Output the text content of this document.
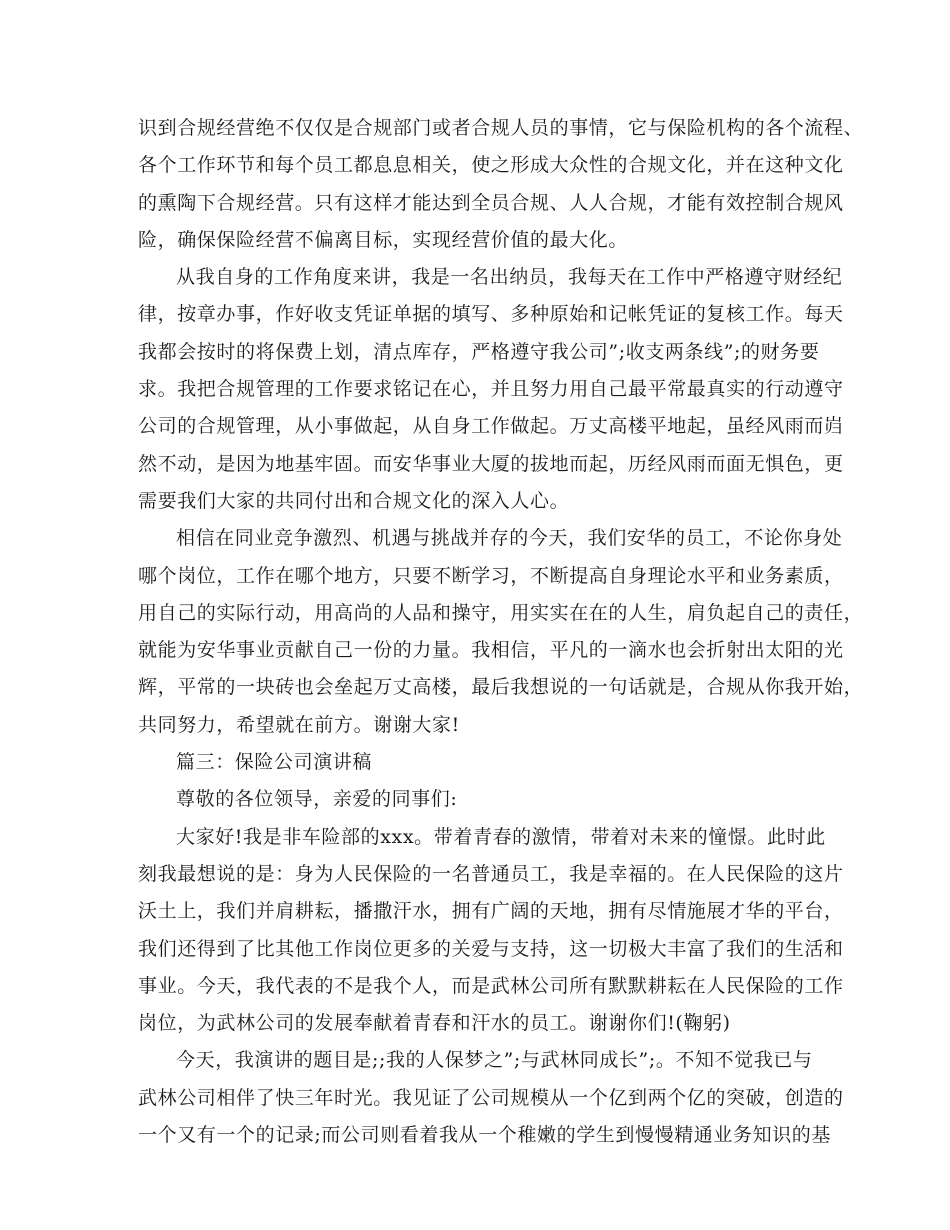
识到合规经营绝不仅仅是合规部门或者合规人员的事情，它与保险机构的各个流程、
各个工作环节和每个员工都息息相关，使之形成大众性的合规文化，并在这种文化
的熏陶下合规经营。只有这样才能达到全员合规、人人合规，才能有效控制合规风
险，确保保险经营不偏离目标，实现经营价值的最大化。
从我自身的工作角度来讲，我是一名出纳员，我每天在工作中严格遵守财经纪
律，按章办事，作好收支凭证单据的填写、多种原始和记帐凭证的复核工作。每天
我都会按时的将保费上划，清点库存，严格遵守我公司”;收支两条线”;的财务要
求。我把合规管理的工作要求铭记在心，并且努力用自己最平常最真实的行动遵守
公司的合规管理，从小事做起，从自身工作做起。万丈高楼平地起，虽经风雨而岿
然不动，是因为地基牢固。而安华事业大厦的拔地而起，历经风雨而面无惧色，更
需要我们大家的共同付出和合规文化的深入人心。
相信在同业竞争激烈、机遇与挑战并存的今天，我们安华的员工，不论你身处
哪个岗位，工作在哪个地方，只要不断学习，不断提高自身理论水平和业务素质，
用自己的实际行动，用高尚的人品和操守，用实实在在的人生，肩负起自己的责任，
就能为安华事业贡献自己一份的力量。我相信，平凡的一滴水也会折射出太阳的光
辉，平常的一块砖也会垒起万丈高楼，最后我想说的一句话就是，合规从你我开始，
共同努力，希望就在前方。谢谢大家!
篇三：保险公司演讲稿
尊敬的各位领导，亲爱的同事们:
大家好!我是非车险部的xxx。带着青春的激情，带着对未来的憧憬。此时此
刻我最想说的是：身为人民保险的一名普通员工，我是幸福的。在人民保险的这片
沃土上，我们并肩耕耘，播撒汗水，拥有广阔的天地，拥有尽情施展才华的平台，
我们还得到了比其他工作岗位更多的关爱与支持，这一切极大丰富了我们的生活和
事业。今天，我代表的不是我个人，而是武林公司所有默默耕耘在人民保险的工作
岗位，为武林公司的发展奉献着青春和汗水的员工。谢谢你们!(鞠躬)
今天，我演讲的题目是;;我的人保梦之”;与武林同成长”;。不知不觉我已与
武林公司相伴了快三年时光。我见证了公司规模从一个亿到两个亿的突破，创造的
一个又有一个的记录;而公司则看着我从一个稚嫩的学生到慢慢精通业务知识的基
